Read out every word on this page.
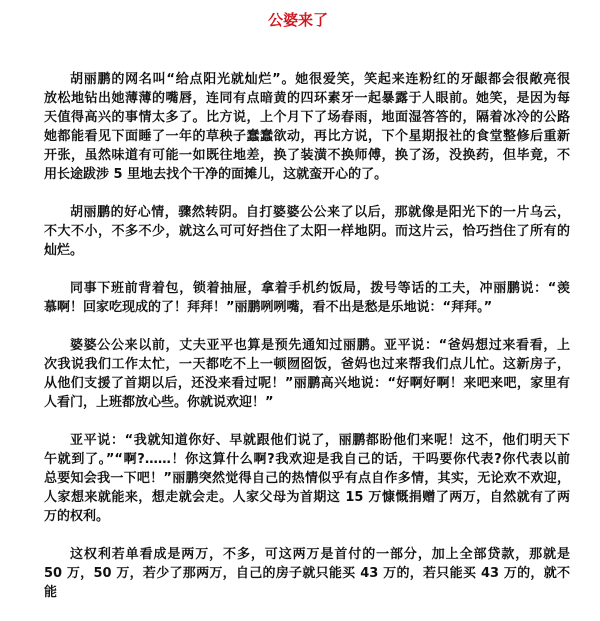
公婆来了
胡丽鹏的网名叫“给点阳光就灿烂”。她很爱笑，笑起来连粉红的牙龈都会很敞亮很
放松地钻出她薄薄的嘴唇，连同有点暗黄的四环素牙一起暴露于人眼前。她笑，是因为每
天值得高兴的事情太多了。比方说，上个月下了场春雨，地面湿答答的，隔着冰冷的公路
她都能看见下面睡了一年的草秧子蠢蠢欲动，再比方说，下个星期报社的食堂整修后重新
开张，虽然味道有可能一如既往地差，换了装潢不换师傅，换了汤，没换药，但毕竟，不
用长途跋涉 5 里地去找个干净的面摊儿，这就蛮开心的了。
胡丽鹏的好心情，骤然转阴。自打婆婆公公来了以后，那就像是阳光下的一片乌云，
不大不小，不多不少，就这么可可好挡住了太阳一样地阴。而这片云，恰巧挡住了所有的
灿烂。
同事下班前背着包，锁着抽屉，拿着手机约饭局，拨号等话的工夫，冲丽鹏说：“羡
慕啊！回家吃现成的了！拜拜！”丽鹏咧咧嘴，看不出是愁是乐地说：“拜拜。”
婆婆公公来以前，丈夫亚平也算是预先通知过丽鹏。亚平说：“爸妈想过来看看，上
次我说我们工作太忙，一天都吃不上一顿囫囵饭，爸妈也过来帮我们点儿忙。这新房子，
从他们支援了首期以后，还没来看过呢！”丽鹏高兴地说：“好啊好啊！来吧来吧，家里有
人看门，上班都放心些。你就说欢迎！”
亚平说：“我就知道你好、早就跟他们说了，丽鹏都盼他们来呢！这不，他们明天下
午就到了。”“啊?……！你这算什么啊?我欢迎是我自己的话，干吗要你代表?你代表以前
总要知会我一下吧！”丽鹏突然觉得自己的热情似乎有点自作多情，其实，无论欢不欢迎，
人家想来就能来，想走就会走。人家父母为首期这 15 万慷慨捐赠了两万，自然就有了两
万的权利。
这权利若单看成是两万，不多，可这两万是首付的一部分，加上全部贷款，那就是
50 万，50 万，若少了那两万，自己的房子就只能买 43 万的，若只能买 43 万的，就不能
